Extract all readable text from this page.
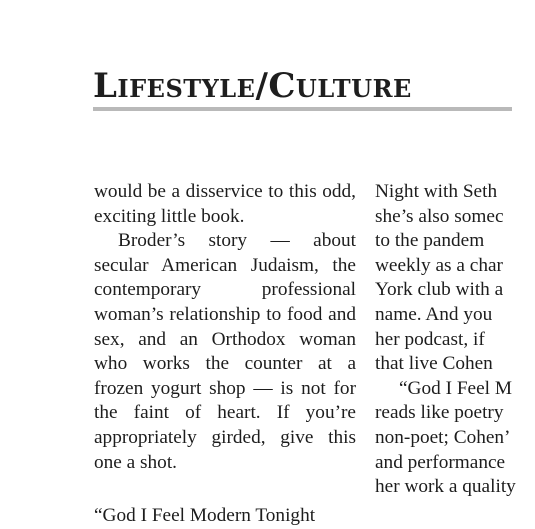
Lifestyle/Culture

would be a disservice to this odd, exciting little book.

Broder’s story — about secular American Judaism, the contemporary professional woman’s relationship to food and sex, and an Orthodox woman who works the counter at a frozen yogurt shop — is not for the faint of heart. If you’re appropriately girded, give this one a shot.

“God I Feel Modern Tonight
Night with Seth
she’s also somec
to the pandem
weekly as a char
York club with a
name. And you
her podcast, if
that live Cohen
“God I Feel M
reads like poetry
non-poet; Cohen’
and performance
her work a quality
